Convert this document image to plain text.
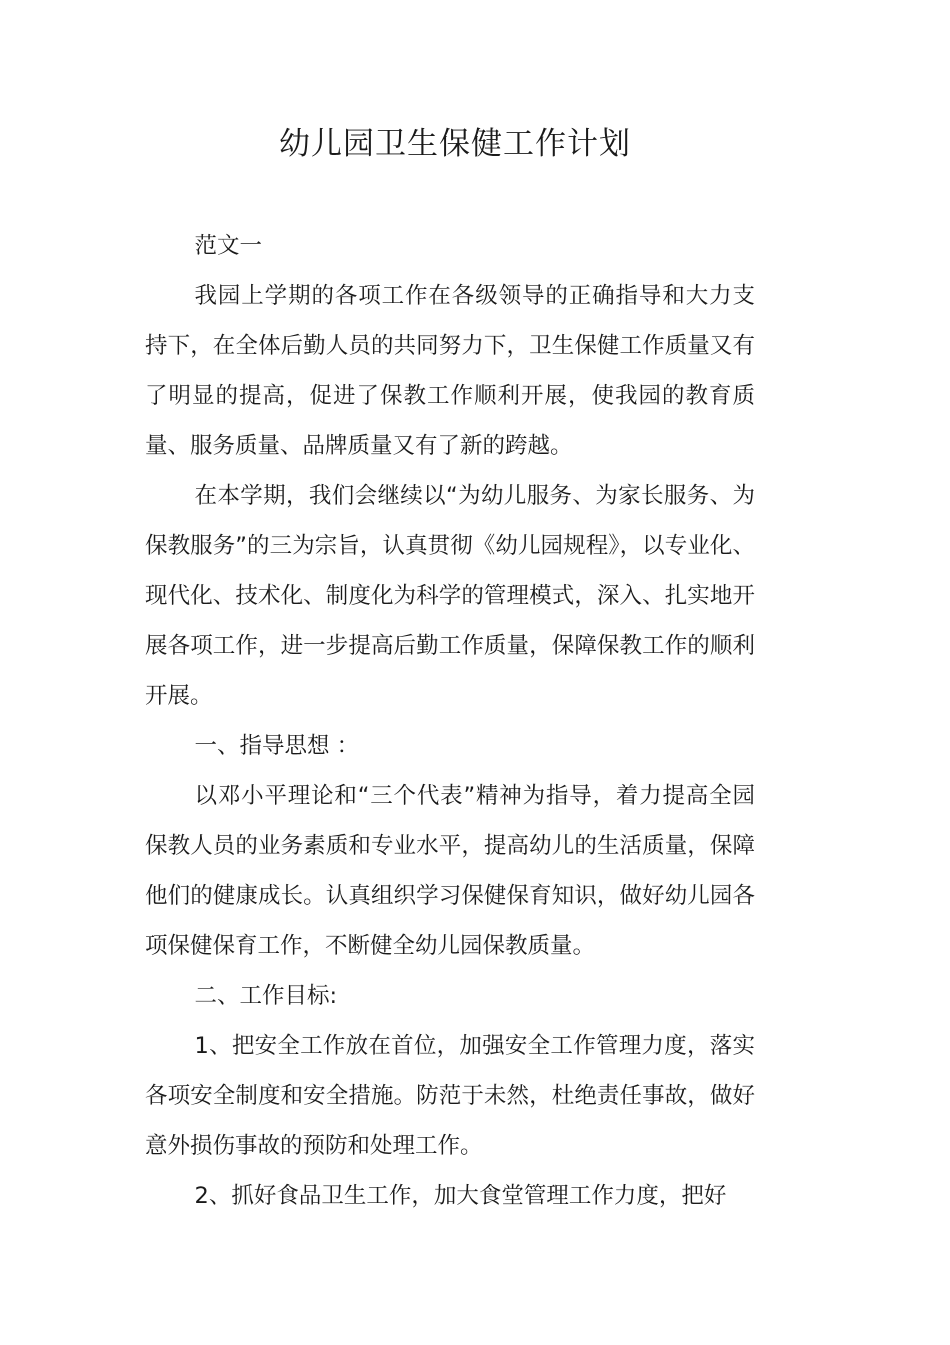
幼儿园卫生保健工作计划

范文一

我园上学期的各项工作在各级领导的正确指导和大力支持下，在全体后勤人员的共同努力下，卫生保健工作质量又有了明显的提高，促进了保教工作顺利开展，使我园的教育质量、服务质量、品牌质量又有了新的跨越。

在本学期，我们会继续以“为幼儿服务、为家长服务、为保教服务”的三为宗旨，认真贯彻《幼儿园规程》，以专业化、现代化、技术化、制度化为科学的管理模式，深入、扎实地开展各项工作，进一步提高后勤工作质量，保障保教工作的顺利开展。

一、指导思想 ：

以邓小平理论和“三个代表”精神为指导，着力提高全园保教人员的业务素质和专业水平，提高幼儿的生活质量，保障他们的健康成长。认真组织学习保健保育知识，做好幼儿园各项保健保育工作，不断健全幼儿园保教质量。

二、工作目标:

1、把安全工作放在首位，加强安全工作管理力度，落实各项安全制度和安全措施。防范于未然，杜绝责任事故，做好意外损伤事故的预防和处理工作。

2、抓好食品卫生工作，加大食堂管理工作力度，把好
